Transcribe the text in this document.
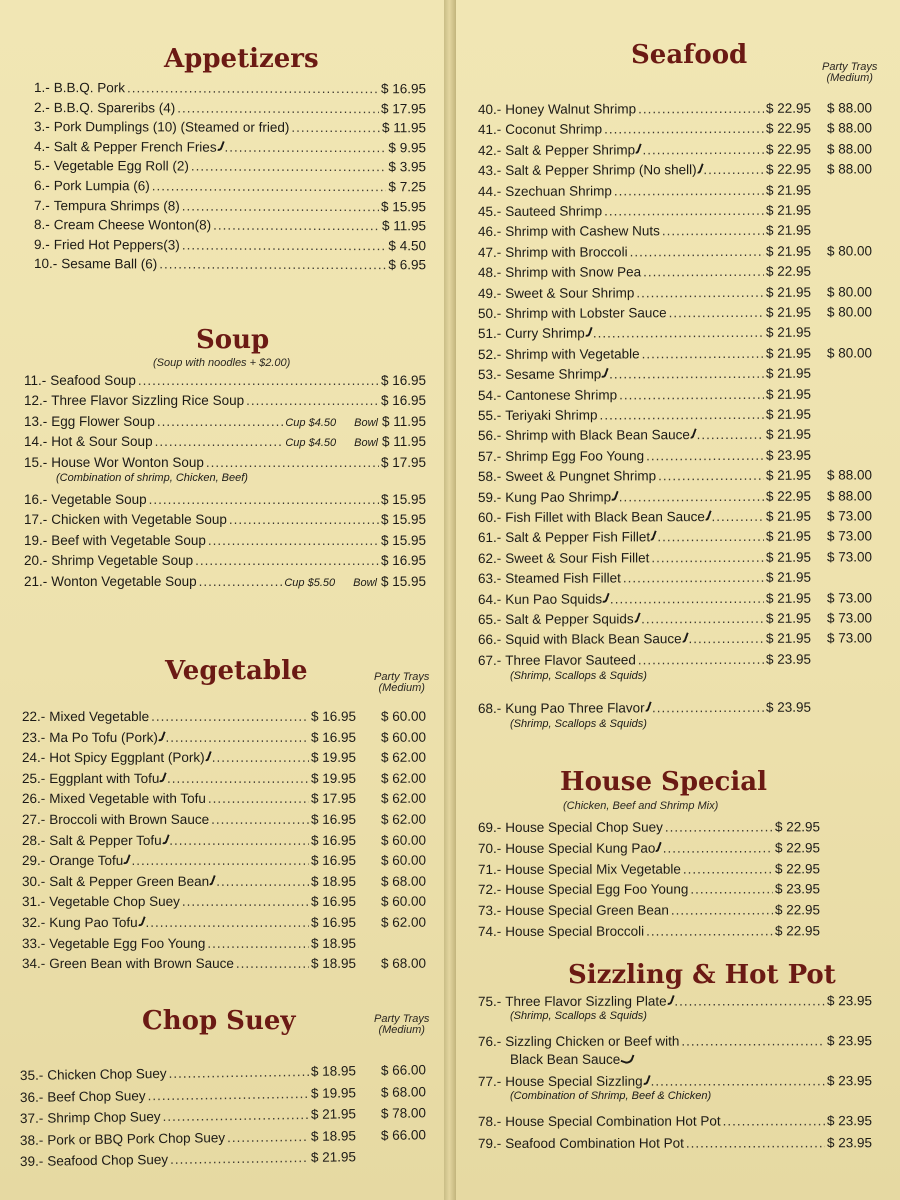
Appetizers
1.- B.B.Q. Pork .....	$ 16.95
2.- B.B.Q. Spareribs (4) .....	$ 17.95
3.- Pork Dumplings (10) (Steamed or fried) .....	$ 11.95
4.- Salt & Pepper French Fries .....	$ 9.95
5.- Vegetable Egg Roll (2) .....	$ 3.95
6.- Pork Lumpia (6) .....	$ 7.25
7.- Tempura Shrimps (8) .....	$ 15.95
8.- Cream Cheese Wonton(8) .....	$ 11.95
9.- Fried Hot Peppers(3) .....	$ 4.50
10.- Sesame Ball (6) .....	$ 6.95
Soup
(Soup with noodles + $2.00)
11.- Seafood Soup .....	$ 16.95
12.- Three Flavor Sizzling Rice Soup .....	$ 16.95
13.- Egg Flower Soup .....	Cup $4.50 Bowl $ 11.95
14.- Hot & Sour Soup .....	Cup $4.50 Bowl $ 11.95
15.- House Wor Wonton Soup .....	$ 17.95
(Combination of shrimp, Chicken, Beef)
16.- Vegetable Soup .....	$ 15.95
17.- Chicken with Vegetable Soup .....	$ 15.95
19.- Beef with Vegetable Soup .....	$ 15.95
20.- Shrimp Vegetable Soup .....	$ 16.95
21.- Wonton Vegetable Soup .....	Cup $5.50 Bowl $ 15.95
Vegetable	Party Trays
(Medium)
22.- Mixed Vegetable .....	$ 16.95	$ 60.00
23.- Ma Po Tofu (Pork) .....	$ 16.95	$ 60.00
24.- Hot Spicy Eggplant (Pork) .....	$ 19.95	$ 62.00
25.- Eggplant with Tofu .....	$ 19.95	$ 62.00
26.- Mixed Vegetable with Tofu .....	$ 17.95	$ 62.00
27.- Broccoli with Brown Sauce .....	$ 16.95	$ 62.00
28.- Salt & Pepper Tofu .....	$ 16.95	$ 60.00
29.- Orange Tofu .....	$ 16.95	$ 60.00
30.- Salt & Pepper Green Bean .....	$ 18.95	$ 68.00
31.- Vegetable Chop Suey .....	$ 16.95	$ 60.00
32.- Kung Pao Tofu .....	$ 16.95	$ 62.00
33.- Vegetable Egg Foo Young .....	$ 18.95
34.- Green Bean with Brown Sauce .....	$ 18.95	$ 68.00
Chop Suey	Party Trays
(Medium)
35.- Chicken Chop Suey .....	$ 18.95	$ 66.00
36.- Beef Chop Suey .....	$ 19.95	$ 68.00
37.- Shrimp Chop Suey .....	$ 21.95	$ 78.00
38.- Pork or BBQ Pork Chop Suey .....	$ 18.95	$ 66.00
39.- Seafood Chop Suey .....	$ 21.95
Seafood	Party Trays
(Medium)
40.- Honey Walnut Shrimp .....	$ 22.95	$ 88.00
41.- Coconut Shrimp .....	$ 22.95	$ 88.00
42.- Salt & Pepper Shrimp .....	$ 22.95	$ 88.00
43.- Salt & Pepper Shrimp (No shell) .....	$ 22.95	$ 88.00
44.- Szechuan Shrimp .....	$ 21.95
45.- Sauteed Shrimp .....	$ 21.95
46.- Shrimp with Cashew Nuts .....	$ 21.95
47.- Shrimp with Broccoli .....	$ 21.95	$ 80.00
48.- Shrimp with Snow Pea .....	$ 22.95
49.- Sweet & Sour Shrimp .....	$ 21.95	$ 80.00
50.- Shrimp with Lobster Sauce .....	$ 21.95	$ 80.00
51.- Curry Shrimp .....	$ 21.95
52.- Shrimp with Vegetable .....	$ 21.95	$ 80.00
53.- Sesame Shrimp .....	$ 21.95
54.- Cantonese Shrimp .....	$ 21.95
55.- Teriyaki Shrimp .....	$ 21.95
56.- Shrimp with Black Bean Sauce .....	$ 21.95
57.- Shrimp Egg Foo Young .....	$ 23.95
58.- Sweet & Pungnet Shrimp .....	$ 21.95	$ 88.00
59.- Kung Pao Shrimp .....	$ 22.95	$ 88.00
60.- Fish Fillet with Black Bean Sauce .....	$ 21.95	$ 73.00
61.- Salt & Pepper Fish Fillet .....	$ 21.95	$ 73.00
62.- Sweet & Sour Fish Fillet .....	$ 21.95	$ 73.00
63.- Steamed Fish Fillet .....	$ 21.95
64.- Kun Pao Squids .....	$ 21.95	$ 73.00
65.- Salt & Pepper Squids .....	$ 21.95	$ 73.00
66.- Squid with Black Bean Sauce .....	$ 21.95	$ 73.00
67.- Three Flavor Sauteed .....	$ 23.95
(Shrimp, Scallops & Squids)
68.- Kung Pao Three Flavor .....	$ 23.95
(Shrimp, Scallops & Squids)
House Special
(Chicken, Beef and Shrimp Mix)
69.- House Special Chop Suey .....	$ 22.95
70.- House Special Kung Pao .....	$ 22.95
71.- House Special Mix Vegetable .....	$ 22.95
72.- House Special Egg Foo Young .....	$ 23.95
73.- House Special Green Bean .....	$ 22.95
74.- House Special Broccoli .....	$ 22.95
Sizzling & Hot Pot
75.- Three Flavor Sizzling Plate .....	$ 23.95
(Shrimp, Scallops & Squids)
76.- Sizzling Chicken or Beef with .....	$ 23.95
Black Bean Sauce
77.- House Special Sizzling .....	$ 23.95
(Combination of Shrimp, Beef & Chicken)
78.- House Special Combination Hot Pot .....	$ 23.95
79.- Seafood Combination Hot Pot .....	$ 23.95
